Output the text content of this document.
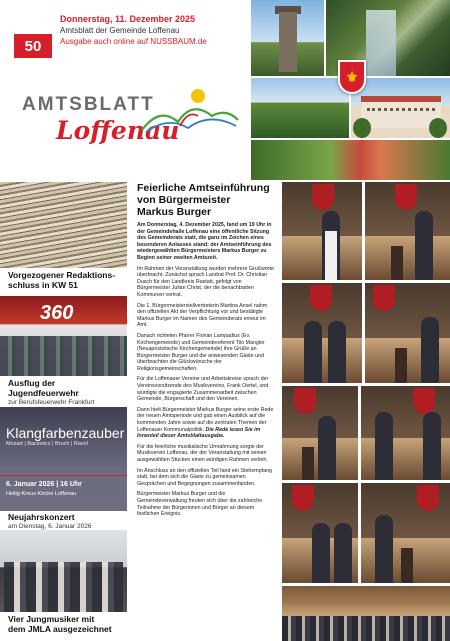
50
Donnerstag, 11. Dezember 2025
Amtsblatt der Gemeinde Loffenau
Ausgabe auch online auf NUSSBAUM.de
⚜
AMTSBLATT
Loffenau
Vorgezogener Redaktions-
schluss in KW 51
360
Ausflug der
Jugendfeuerwehr
zur Berufsfeuerwehr Frankfurt
Klangfarbenzauber
Mozart | Bacewicz | Bruch | Ravel
6. Januar 2026 | 16 Uhr
Heilig-Kreuz-Kirche Loffenau
Neujahrskonzert
am Dienstag, 6. Januar 2026
Vier Jungmusiker mit
dem JMLA ausgezeichnet
Feierliche Amtseinführung
von Bürgermeister
Markus Burger

Am Donnerstag, 4. Dezember 2025, fand um 19 Uhr in der Gemeindehalle Loffenau eine öffentliche Sitzung des Gemeinderats statt, die ganz im Zeichen eines besonderen Anlasses stand: der Amtseinführung des wiedergewählten Bürgermeisters Markus Burger zu Beginn seiner zweiten Amtszeit.

Im Rahmen der Veranstaltung wurden mehrere Grußworte überbracht. Zunächst sprach Landrat Prof. Dr. Christian Dusch für den Landkreis Rastatt, gefolgt von Bürgermeister Julian Christ, der die benachbarten Kommunen vertrat.

Die 1. Bürgermeisterstellvertreterin Martina Ansel nahm den offiziellen Akt der Verpflichtung vor und bestätigte Markus Burger im Namen des Gemeinderats erneut im Amt.

Danach richteten Pfarrer Florian Lampadius (Ev. Kirchengemeinde) und Gemeindereferent Tilo Mangler (Neuapostolische Kirchengemeinde) ihre Grüße an Bürgermeister Burger und die anwesenden Gäste und überbrachten die Glückwünsche der Religionsgemeinschaften.

Für die Loffenauer Vereine und Arbeitskreise sprach der Vereinsvorsitzende des Musikvereins, Frank Oertel, und würdigte die engagierte Zusammenarbeit zwischen Gemeinde, Bürgerschaft und den Vereinen.

Dann hielt Bürgermeister Markus Burger seine erste Rede der neuen Amtsperiode und gab einen Ausblick auf die kommenden Jahre sowie auf die zentralen Themen der Loffenauer Kommunalpolitik. Die Rede lesen Sie im Innenteil dieser Amtsblattausgabe.

Für die feierliche musikalische Umrahmung sorgte der Musikverein Loffenau, der der Veranstaltung mit seinen ausgewählten Stücken einen würdigen Rahmen verlieh.

Im Anschluss an den offiziellen Teil fand ein Stehempfang statt, bei dem sich die Gäste zu gemeinsamen Gesprächen und Begegnungen zusammenfanden.

Bürgermeister Markus Burger und die Gemeindeverwaltung freuten sich über die zahlreiche Teilnahme der Bürgerinnen und Bürger an diesem festlichen Ereignis.
